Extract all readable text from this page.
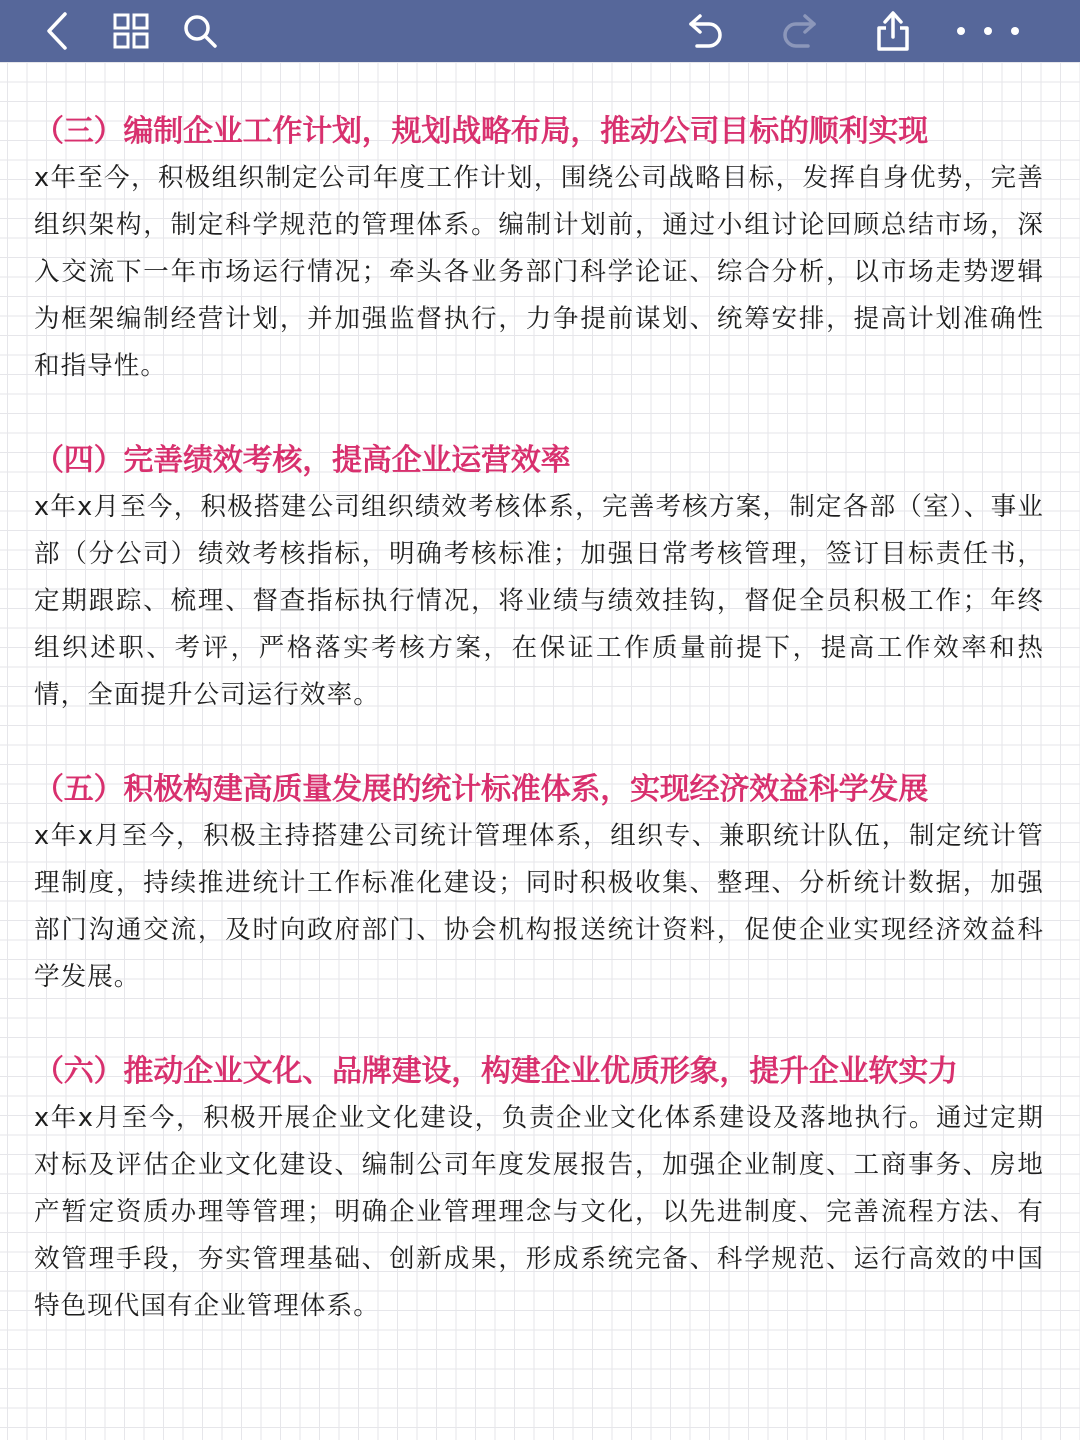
（三）编制企业工作计划，规划战略布局，推动公司目标的顺利实现

x年至今，积极组织制定公司年度工作计划，围绕公司战略目标，发挥自身优势，完善组织架构，制定科学规范的管理体系。编制计划前，通过小组讨论回顾总结市场，深入交流下一年市场运行情况；牵头各业务部门科学论证、综合分析，以市场走势逻辑为框架编制经营计划，并加强监督执行，力争提前谋划、统筹安排，提高计划准确性和指导性。

（四）完善绩效考核，提高企业运营效率

x年x月至今，积极搭建公司组织绩效考核体系，完善考核方案，制定各部（室）、事业部（分公司）绩效考核指标，明确考核标准；加强日常考核管理，签订目标责任书，定期跟踪、梳理、督查指标执行情况，将业绩与绩效挂钩，督促全员积极工作；年终组织述职、考评，严格落实考核方案，在保证工作质量前提下，提高工作效率和热情，全面提升公司运行效率。

（五）积极构建高质量发展的统计标准体系，实现经济效益科学发展

x年x月至今，积极主持搭建公司统计管理体系，组织专、兼职统计队伍，制定统计管理制度，持续推进统计工作标准化建设；同时积极收集、整理、分析统计数据，加强部门沟通交流，及时向政府部门、协会机构报送统计资料，促使企业实现经济效益科学发展。

（六）推动企业文化、品牌建设，构建企业优质形象，提升企业软实力

x年x月至今，积极开展企业文化建设，负责企业文化体系建设及落地执行。通过定期对标及评估企业文化建设、编制公司年度发展报告，加强企业制度、工商事务、房地产暂定资质办理等管理；明确企业管理理念与文化，以先进制度、完善流程方法、有效管理手段，夯实管理基础、创新成果，形成系统完备、科学规范、运行高效的中国特色现代国有企业管理体系。
